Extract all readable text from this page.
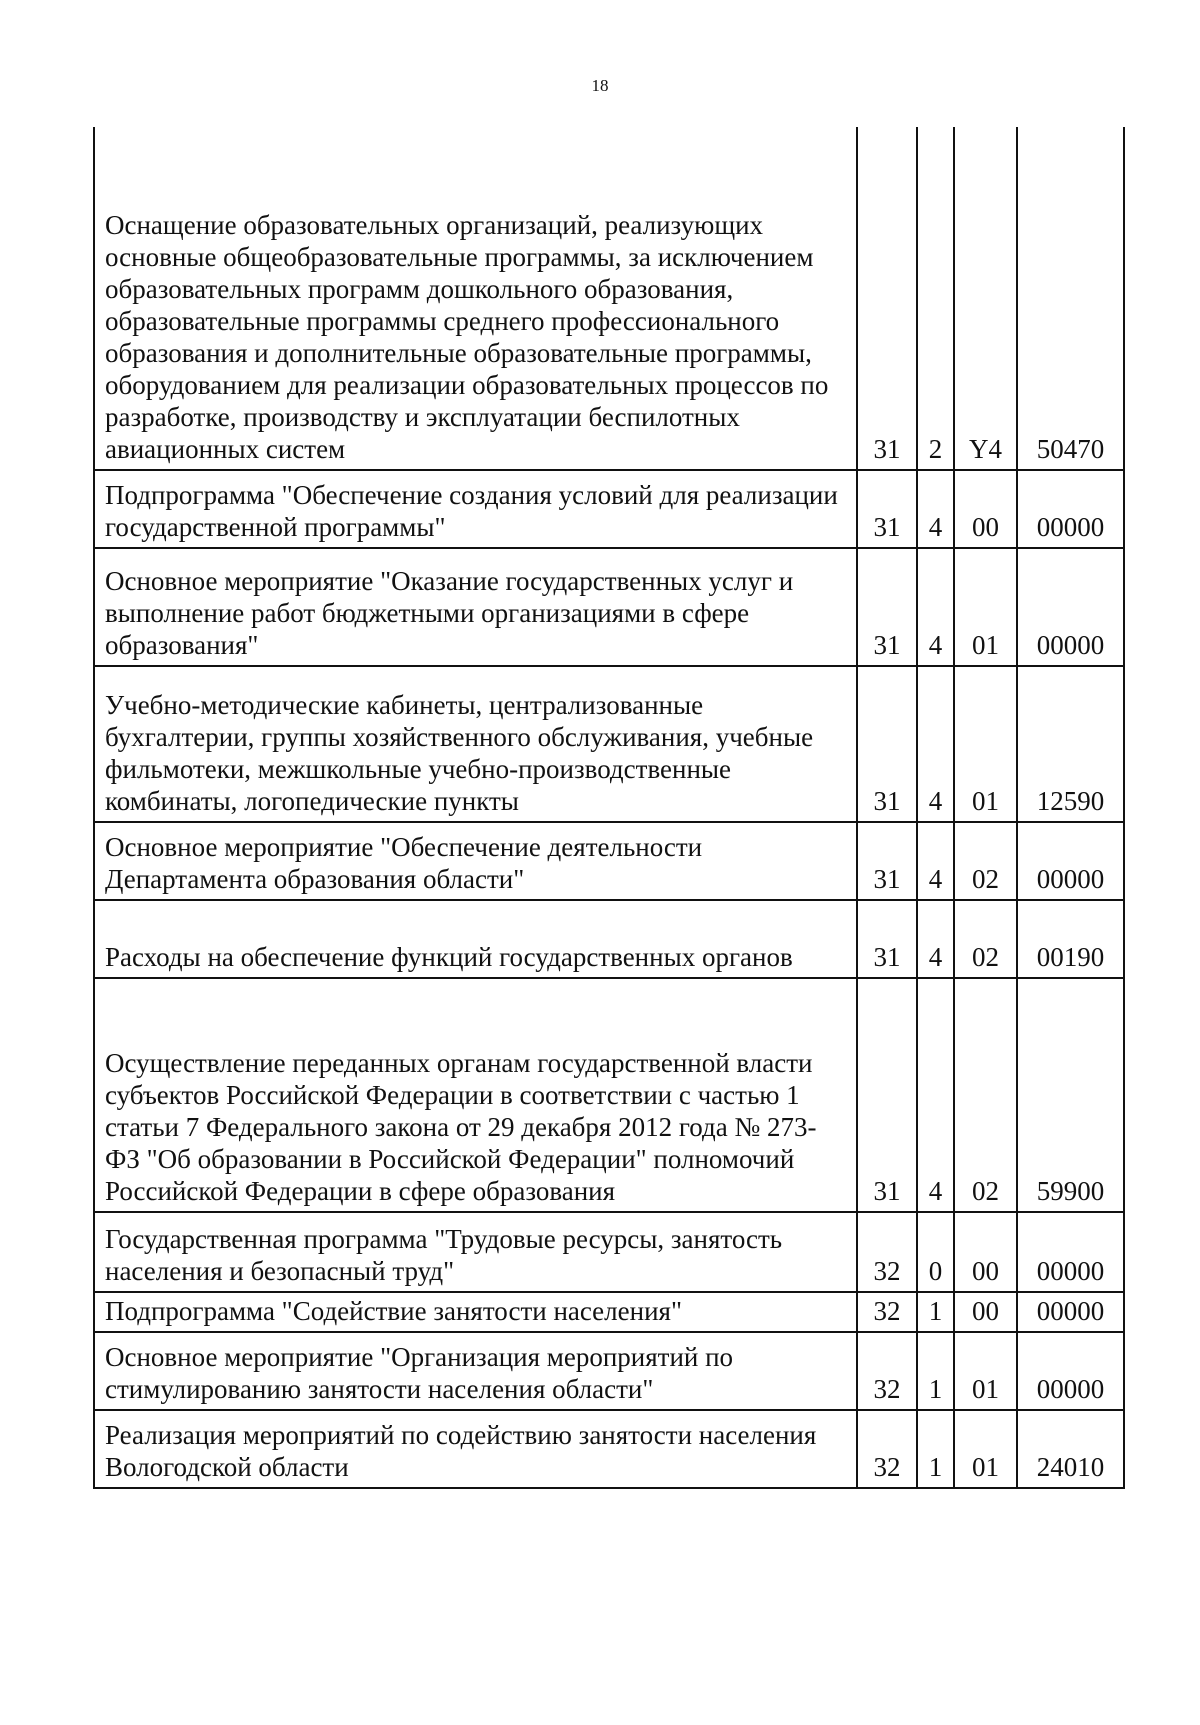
18
Оснащение образовательных организаций, реализующих основные общеобразовательные программы, за исключением образовательных программ дошкольного образования, образовательные программы среднего профессионального образования и дополнительные образовательные программы, оборудованием для реализации образовательных процессов по разработке, производству и эксплуатации беспилотных авиационных систем	31	2	Y4	50470
Подпрограмма "Обеспечение создания условий для реализации государственной программы"	31	4	00	00000
Основное мероприятие "Оказание государственных услуг и выполнение работ бюджетными организациями в сфере образования"	31	4	01	00000
Учебно-методические кабинеты, централизованные бухгалтерии, группы хозяйственного обслуживания, учебные фильмотеки, межшкольные учебно-производственные комбинаты, логопедические пункты	31	4	01	12590
Основное мероприятие "Обеспечение деятельности Департамента образования области"	31	4	02	00000
Расходы на обеспечение функций государственных органов	31	4	02	00190
Осуществление переданных органам государственной власти субъектов Российской Федерации в соответствии с частью 1 статьи 7 Федерального закона от 29 декабря 2012 года № 273-ФЗ "Об образовании в Российской Федерации" полномочий Российской Федерации в сфере образования	31	4	02	59900
Государственная программа "Трудовые ресурсы, занятость населения и безопасный труд"	32	0	00	00000
Подпрограмма "Содействие занятости населения"	32	1	00	00000
Основное мероприятие "Организация мероприятий по стимулированию занятости населения области"	32	1	01	00000
Реализация мероприятий по содействию занятости населения Вологодской области	32	1	01	24010
